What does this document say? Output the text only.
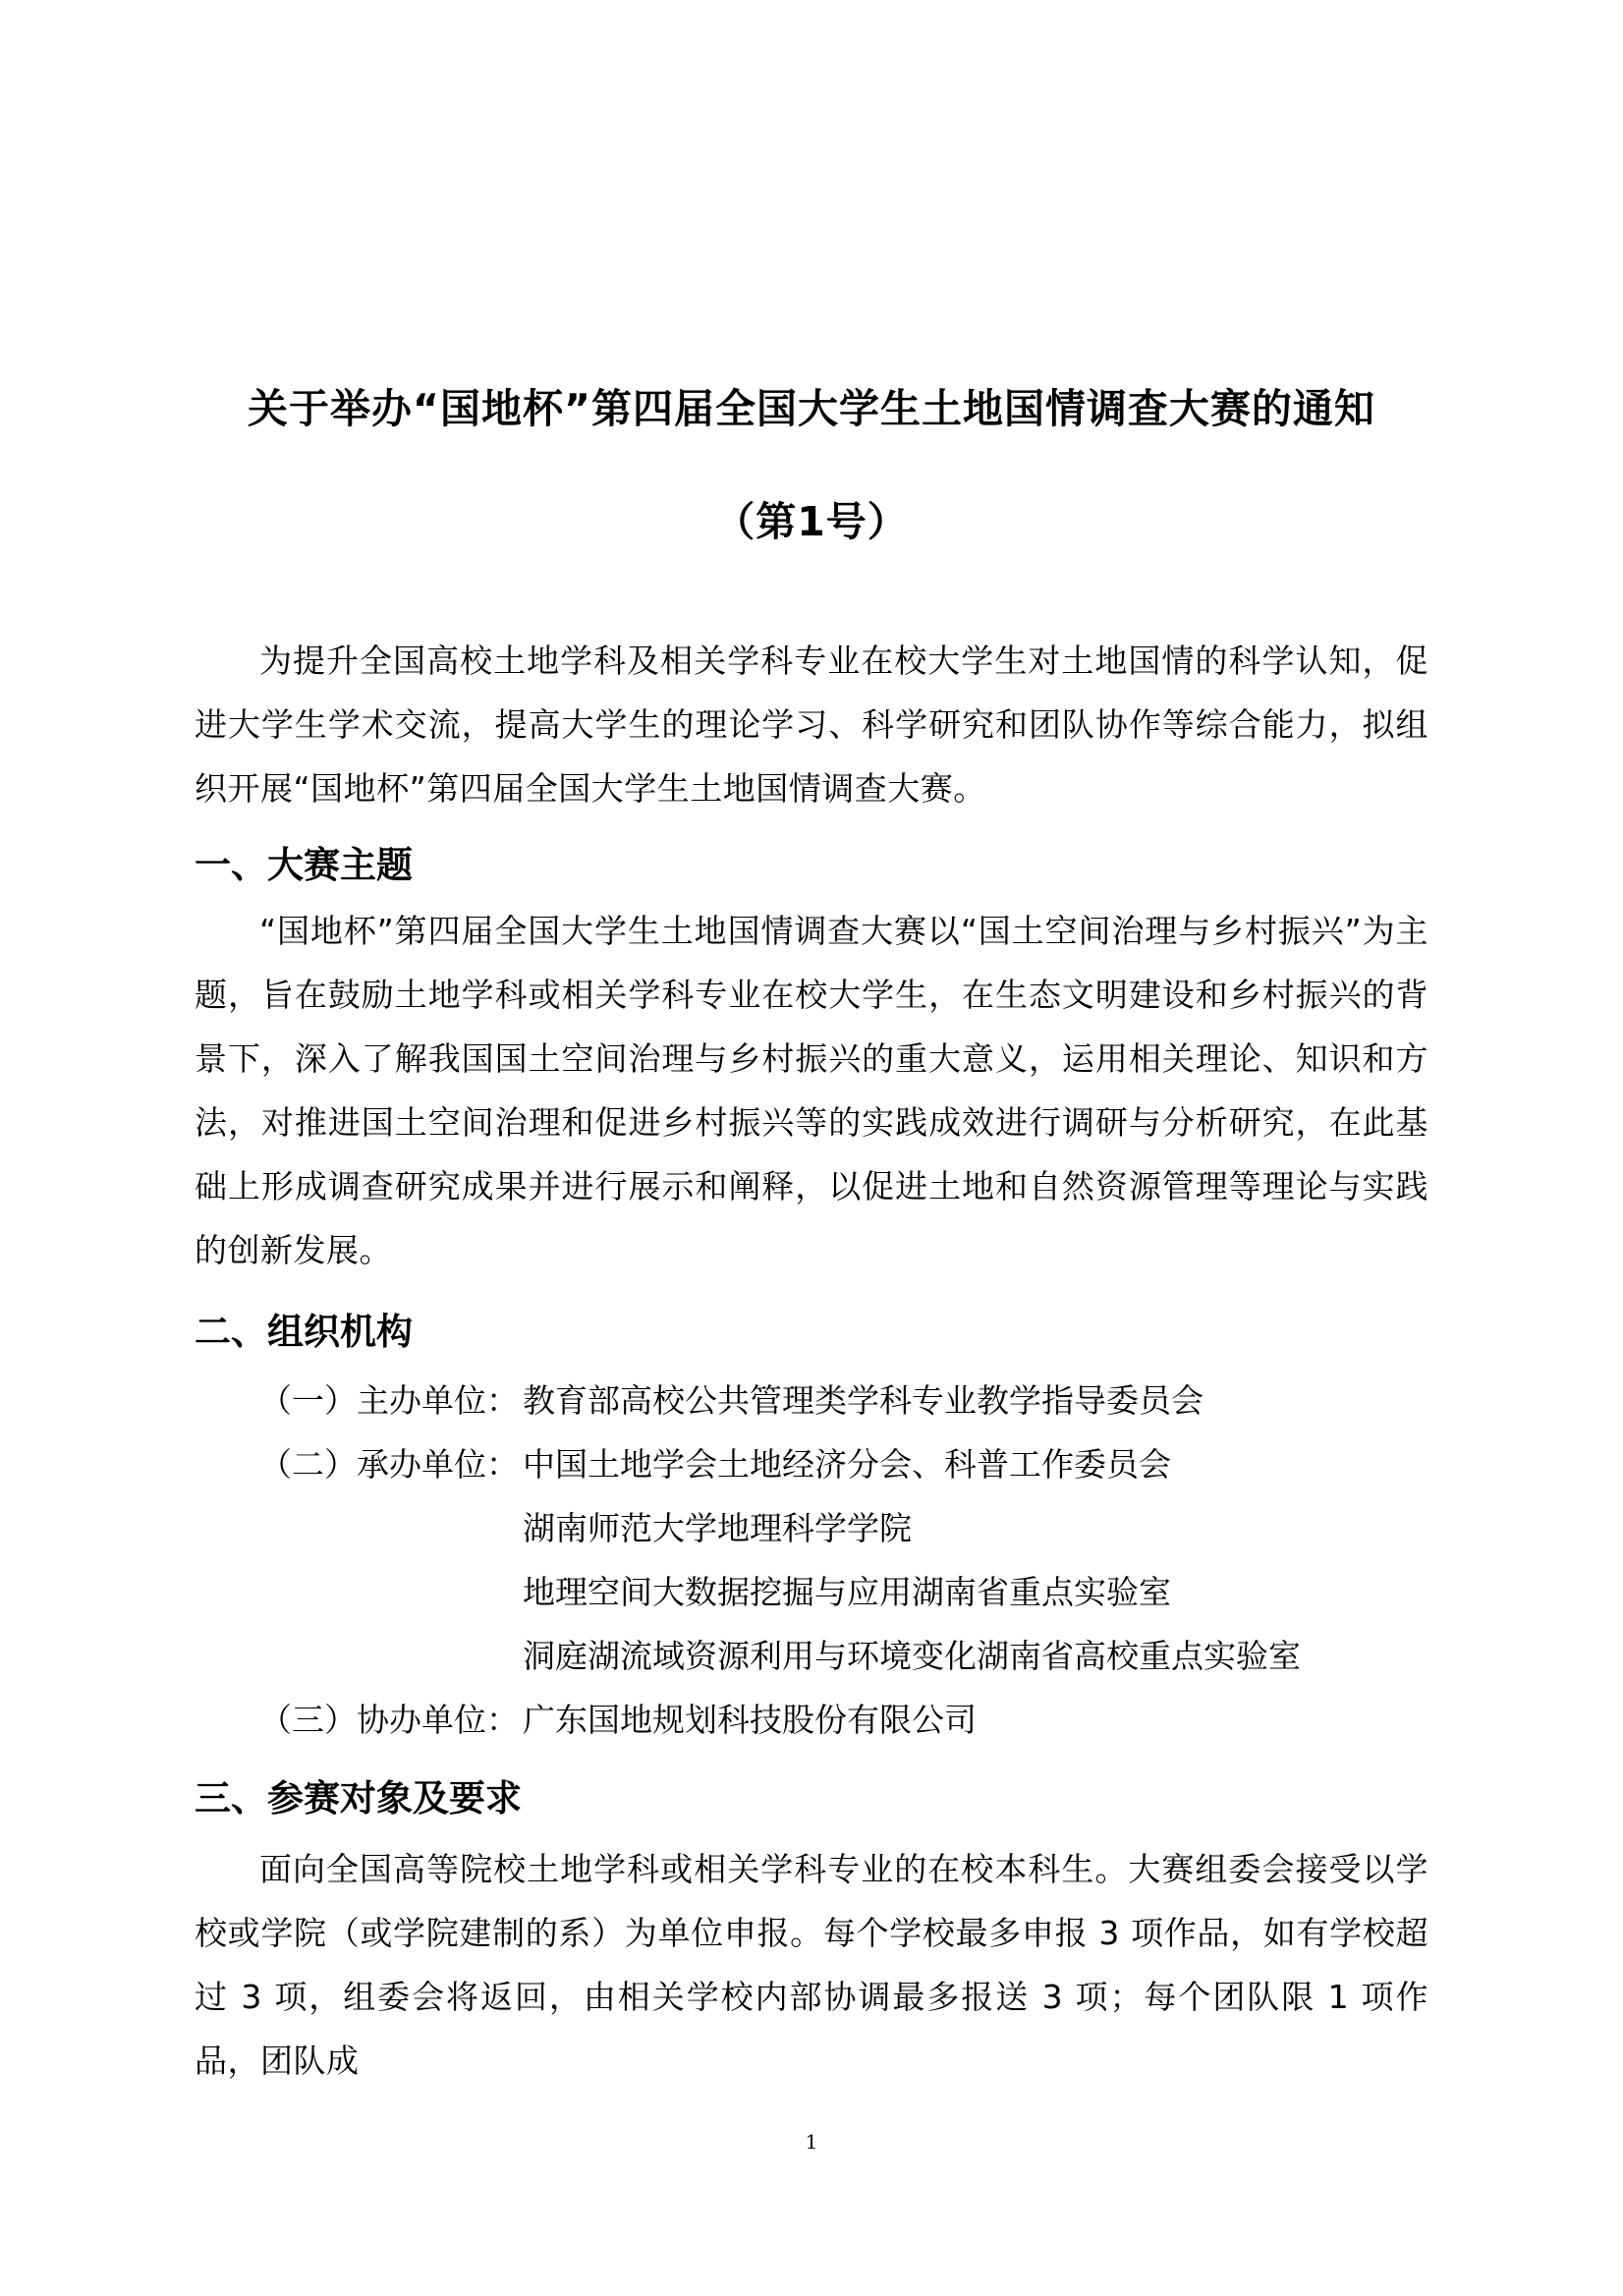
关于举办“国地杯”第四届全国大学生土地国情调查大赛的通知
（第1号）

为提升全国高校土地学科及相关学科专业在校大学生对土地国情的科学认知，促进大学生学术交流，提高大学生的理论学习、科学研究和团队协作等综合能力，拟组织开展“国地杯”第四届全国大学生土地国情调查大赛。

一、大赛主题

“国地杯”第四届全国大学生土地国情调查大赛以“国土空间治理与乡村振兴”为主题，旨在鼓励土地学科或相关学科专业在校大学生，在生态文明建设和乡村振兴的背景下，深入了解我国国土空间治理与乡村振兴的重大意义，运用相关理论、知识和方法，对推进国土空间治理和促进乡村振兴等的实践成效进行调研与分析研究，在此基础上形成调查研究成果并进行展示和阐释，以促进土地和自然资源管理等理论与实践的创新发展。

二、组织机构
（一）主办单位： 教育部高校公共管理类学科专业教学指导委员会
（二）承办单位： 中国土地学会土地经济分会、科普工作委员会
湖南师范大学地理科学学院
地理空间大数据挖掘与应用湖南省重点实验室
洞庭湖流域资源利用与环境变化湖南省高校重点实验室
（三）协办单位： 广东国地规划科技股份有限公司
三、参赛对象及要求

面向全国高等院校土地学科或相关学科专业的在校本科生。大赛组委会接受以学校或学院（或学院建制的系）为单位申报。每个学校最多申报 3 项作品，如有学校超过 3 项，组委会将返回，由相关学校内部协调最多报送 3 项；每个团队限 1 项作品，团队成

1
